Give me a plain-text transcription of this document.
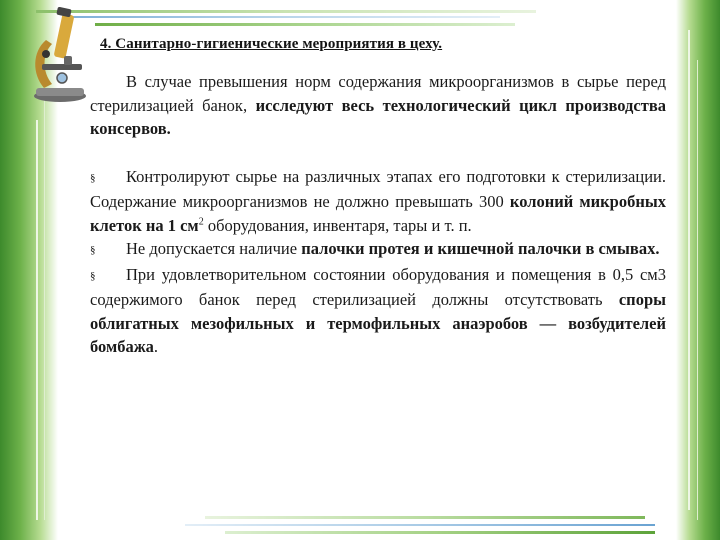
4. Санитарно-гигиенические мероприятия в цеху.

В случае превышения норм содержания микроорганизмов в сырье перед стерилизацией банок, исследуют весь технологический цикл производства консервов.

§ Контролируют сырье на различных этапах его подготовки к стерилизации. Содержание микроорганизмов не должно превышать 300 колоний микробных клеток на 1 $см^2$ оборудования, инвентаря, тары и т. п.

§ Не допускается наличие палочки протея и кишечной палочки в смывах.

§ При удовлетворительном состоянии оборудования и помещения в 0,5 см3 содержимого банок перед стерилизацией должны отсутствовать споры облигатных мезофильных и термофильных анаэробов — возбудителей бомбажа.
